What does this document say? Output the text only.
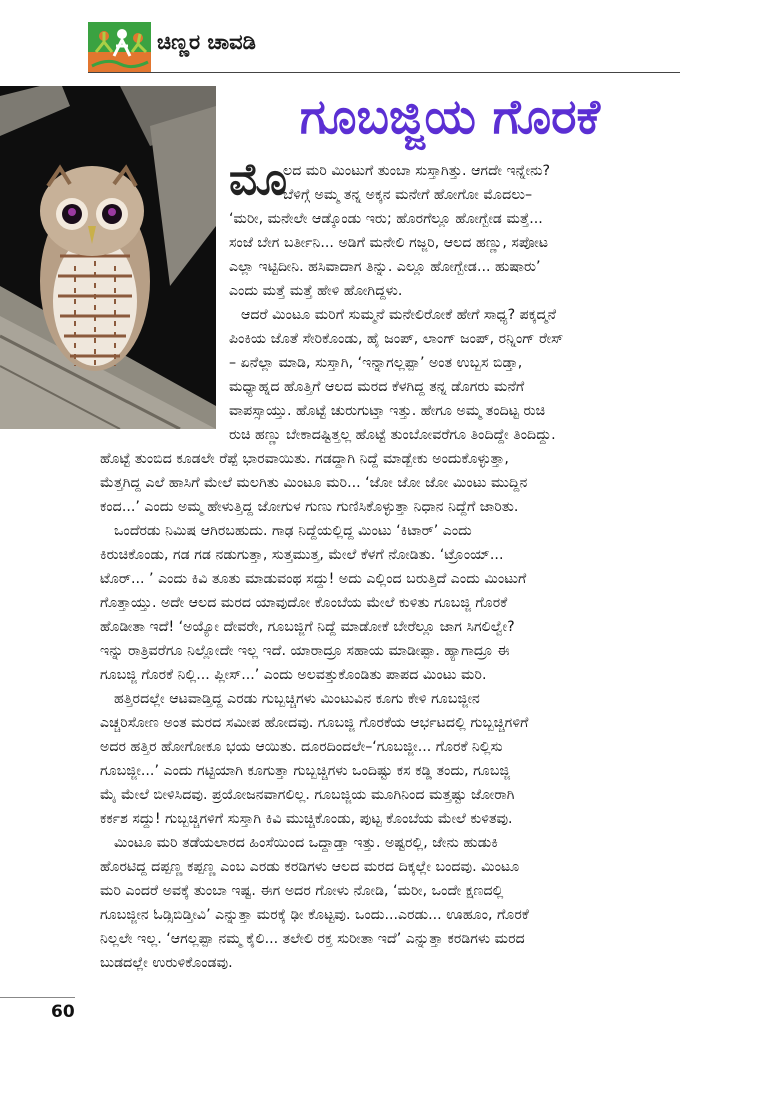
ಚಿಣ್ಣರ ಚಾವಡಿ
ಗೂಬಜ್ಜಿಯ ಗೊರಕೆ
ಮೊ
ಲದ ಮರಿ ಮಿಂಟುಗೆ ತುಂಬಾ ಸುಸ್ತಾಗಿತ್ತು. ಆಗದೇ ಇನ್ನೇನು?
ಬೆಳಿಗ್ಗೆ ಅಮ್ಮ ತನ್ನ ಅಕ್ಕನ ಮನೇಗೆ ಹೋಗೋ ಮೊದಲು–
‘ಮರೀ, ಮನೇಲೇ ಆಡ್ಕೊಂಡು ಇರು; ಹೊರಗೆಲ್ಲೂ ಹೋಗ್ಬೇಡ ಮತ್ತೆ...
ಸಂಜೆ ಬೇಗ ಬರ್ತೀನಿ... ಅಡಿಗೆ ಮನೇಲಿ ಗಜ್ಜರಿ, ಆಲದ ಹಣ್ಣು, ಸಪೋಟ
ಎಲ್ಲಾ ಇಟ್ಟಿದೀನಿ. ಹಸಿವಾದಾಗ ತಿನ್ನು. ಎಲ್ಲೂ ಹೋಗ್ಬೇಡ... ಹುಷಾರು’
ಎಂದು ಮತ್ತೆ ಮತ್ತೆ ಹೇಳಿ ಹೋಗಿದ್ದಳು.
ಆದರೆ ಮಿಂಟೂ ಮರಿಗೆ ಸುಮ್ಮನೆ ಮನೇಲಿರೋಕೆ ಹೇಗೆ ಸಾಧ್ಯ? ಪಕ್ಕದ್ಮನೆ
ಪಿಂಕಿಯ ಜೊತೆ ಸೇರಿಕೊಂಡು, ಹೈ ಜಂಪ್, ಲಾಂಗ್ ಜಂಪ್, ರನ್ನಿಂಗ್ ರೇಸ್
– ಏನೆಲ್ಲಾ ಮಾಡಿ, ಸುಸ್ತಾಗಿ, ‘ಇನ್ನಾಗಲ್ಲಪ್ಪಾ’ ಅಂತ ಉಬ್ಬಸ ಬಿಡ್ತಾ,
ಮಧ್ಯಾಹ್ನದ ಹೊತ್ತಿಗೆ ಆಲದ ಮರದ ಕೆಳಗಿದ್ದ ತನ್ನ ಡೊಗರು ಮನೆಗೆ
ವಾಪಸ್ಸಾಯ್ತು. ಹೊಟ್ಟೆ ಚುರುಗುಟ್ತಾ ಇತ್ತು. ಹೇಗೂ ಅಮ್ಮ ತಂದಿಟ್ಟ ರುಚಿ
ರುಚಿ ಹಣ್ಣು ಬೇಕಾದಷ್ಟಿತ್ತಲ್ಲ ಹೊಟ್ಟೆ ತುಂಬೋವರೆಗೂ ತಿಂದಿದ್ದೇ ತಿಂದಿದ್ದು.
ಹೊಟ್ಟೆ ತುಂಬಿದ ಕೂಡಲೇ ರೆಪ್ಪೆ ಭಾರವಾಯಿತು. ಗಡದ್ದಾಗಿ ನಿದ್ದೆ ಮಾಡ್ಬೇಕು ಅಂದುಕೊಳ್ಳುತ್ತಾ,
ಮೆತ್ತಗಿದ್ದ ಎಲೆ ಹಾಸಿಗೆ ಮೇಲೆ ಮಲಗಿತು ಮಿಂಟೂ ಮರಿ... ‘ಜೋ ಜೋ ಜೋ ಮಿಂಟು ಮುದ್ದಿನ
ಕಂದ...’ ಎಂದು ಅಮ್ಮ ಹೇಳುತ್ತಿದ್ದ ಜೋಗುಳ ಗುಣು ಗುಣಿಸಿಕೊಳ್ಳುತ್ತಾ ನಿಧಾನ ನಿದ್ದೆಗೆ ಜಾರಿತು.
ಒಂದೆರಡು ನಿಮಿಷ ಆಗಿರಬಹುದು. ಗಾಢ ನಿದ್ದೆಯಲ್ಲಿದ್ದ ಮಿಂಟು ‘ಕಿಟಾರ್’ ಎಂದು
ಕಿರುಚಿಕೊಂಡು, ಗಡ ಗಡ ನಡುಗುತ್ತಾ, ಸುತ್ತಮುತ್ತ, ಮೇಲೆ ಕೆಳಗೆ ನೋಡಿತು. ‘ಟ್ರೊಂಯ್...
ಟೊರ್... ’ ಎಂದು ಕಿವಿ ತೂತು ಮಾಡುವಂಥ ಸದ್ದು! ಅದು ಎಲ್ಲಿಂದ ಬರುತ್ತಿದೆ ಎಂದು ಮಿಂಟುಗೆ
ಗೊತ್ತಾಯ್ತು. ಅದೇ ಆಲದ ಮರದ ಯಾವುದೋ ಕೊಂಬೆಯ ಮೇಲೆ ಕುಳಿತು ಗೂಬಜ್ಜಿ ಗೊರಕೆ
ಹೊಡೀತಾ ಇದೆ! ‘ಅಯ್ಯೋ ದೇವರೇ, ಗೂಬಜ್ಜಿಗೆ ನಿದ್ದೆ ಮಾಡೋಕೆ ಬೇರೆಲ್ಲೂ ಜಾಗ ಸಿಗಲಿಲ್ವೇ?
ಇನ್ನು ರಾತ್ರಿವರೆಗೂ ನಿಲ್ಲೋದೇ ಇಲ್ಲ ಇದೆ. ಯಾರಾದ್ರೂ ಸಹಾಯ ಮಾಡೀಪ್ಪಾ. ಹ್ಯಾಗಾದ್ರೂ ಈ
ಗೂಬಜ್ಜಿ ಗೊರಕೆ ನಿಲ್ಲಿ... ಪ್ಲೀಸ್...’ ಎಂದು ಅಲವತ್ತುಕೊಂಡಿತು ಪಾಪದ ಮಿಂಟು ಮರಿ.
ಹತ್ತಿರದಲ್ಲೇ ಆಟವಾಡ್ತಿದ್ದ ಎರಡು ಗುಬ್ಬಚ್ಚಿಗಳು ಮಿಂಟುವಿನ ಕೂಗು ಕೇಳಿ ಗೂಬಜ್ಜೀನ
ಎಚ್ಚರಿಸೋಣ ಅಂತ ಮರದ ಸಮೀಪ ಹೋದವು. ಗೂಬಜ್ಜಿ ಗೊರಕೆಯ ಆರ್ಭಟದಲ್ಲಿ ಗುಬ್ಬಚ್ಚಿಗಳಿಗೆ
ಅದರ ಹತ್ತಿರ ಹೋಗೋಕೂ ಭಯ ಆಯಿತು. ದೂರದಿಂದಲೇ–‘ಗೂಬಜ್ಜೀ... ಗೊರಕೆ ನಿಲ್ಲಿಸು
ಗೂಬಜ್ಜೀ...’ ಎಂದು ಗಟ್ಟಿಯಾಗಿ ಕೂಗುತ್ತಾ ಗುಬ್ಬಚ್ಚಿಗಳು ಒಂದಿಷ್ಟು ಕಸ ಕಡ್ಡಿ ತಂದು, ಗೂಬಜ್ಜಿ
ಮೈ ಮೇಲೆ ಬೀಳಿಸಿದವು. ಪ್ರಯೋಜನವಾಗಲಿಲ್ಲ. ಗೂಬಜ್ಜಿಯ ಮೂಗಿನಿಂದ ಮತ್ತಷ್ಟು ಜೋರಾಗಿ
ಕರ್ಕಶ ಸದ್ದು! ಗುಬ್ಬಚ್ಚಿಗಳಿಗೆ ಸುಸ್ತಾಗಿ ಕಿವಿ ಮುಚ್ಚಿಕೊಂಡು, ಪುಟ್ಟ ಕೊಂಬೆಯ ಮೇಲೆ ಕುಳಿತವು.
ಮಿಂಟೂ ಮರಿ ತಡೆಯಲಾರದ ಹಿಂಸೆಯಿಂದ ಒದ್ದಾಡ್ತಾ ಇತ್ತು. ಅಷ್ಟರಲ್ಲಿ, ಜೇನು ಹುಡುಕಿ
ಹೊರಟಿದ್ದ ದಪ್ಪಣ್ಣ ಕಪ್ಪಣ್ಣ ಎಂಬ ಎರಡು ಕರಡಿಗಳು ಆಲದ ಮರದ ದಿಕ್ಕಲ್ಲೇ ಬಂದವು. ಮಿಂಟೂ
ಮರಿ ಎಂದರೆ ಅವಕ್ಕೆ ತುಂಬಾ ಇಷ್ಟ. ಈಗ ಅದರ ಗೋಳು ನೋಡಿ, ‘ಮರೀ, ಒಂದೇ ಕ್ಷಣದಲ್ಲಿ
ಗೂಬಜ್ಜೀನ ಓಡ್ಸಿಬಿಡ್ತೀವಿ’ ಎನ್ನುತ್ತಾ ಮರಕ್ಕೆ ಢೀ ಕೊಟ್ಟವು. ಒಂದು...ಎರಡು... ಊಹೂಂ, ಗೊರಕೆ
ನಿಲ್ಲಲೇ ಇಲ್ಲ. ‘ಆಗಲ್ಲಪ್ಪಾ ನಮ್ಮ ಕೈಲಿ... ತಲೇಲಿ ರಕ್ತ ಸುರೀತಾ ಇದೆ’ ಎನ್ನುತ್ತಾ ಕರಡಿಗಳು ಮರದ
ಬುಡದಲ್ಲೇ ಉರುಳಿಕೊಂಡವು.
60
